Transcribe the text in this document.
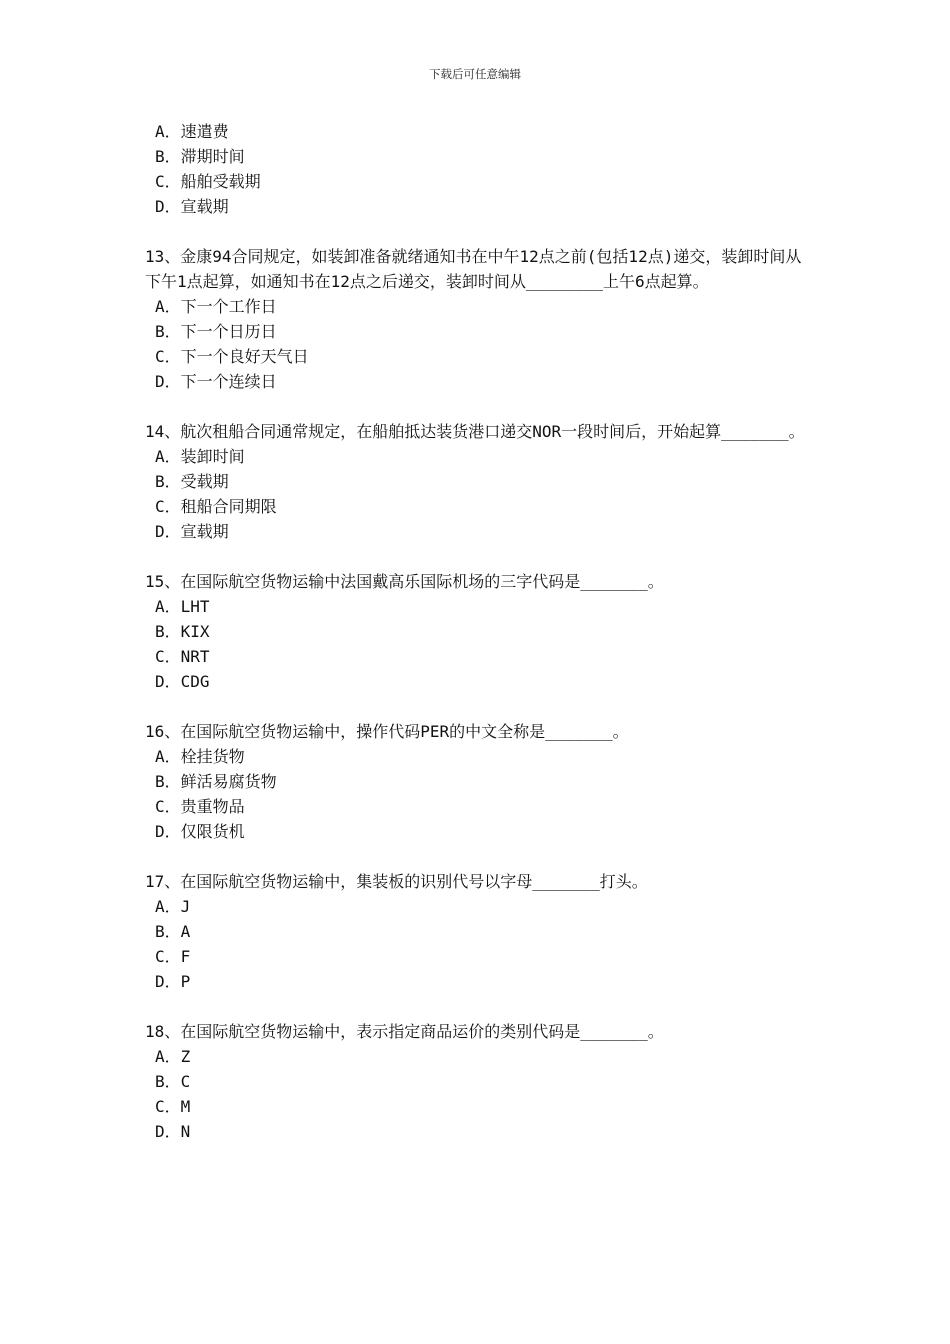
下载后可任意编辑
A．速遣费
B．滞期时间
C．船舶受载期
D．宣载期
13、金康94合同规定，如装卸准备就绪通知书在中午12点之前(包括12点)递交，装卸时间从下午1点起算，如通知书在12点之后递交，装卸时间从________上午6点起算。
A．下一个工作日
B．下一个日历日
C．下一个良好天气日
D．下一个连续日
14、航次租船合同通常规定，在船舶抵达装货港口递交NOR一段时间后，开始起算_______。
A．装卸时间
B．受载期
C．租船合同期限
D．宣载期
15、在国际航空货物运输中法国戴高乐国际机场的三字代码是_______。
A．LHT
B．KIX
C．NRT
D．CDG
16、在国际航空货物运输中，操作代码PER的中文全称是_______。
A．栓挂货物
B．鲜活易腐货物
C．贵重物品
D．仅限货机
17、在国际航空货物运输中，集装板的识别代号以字母_______打头。
A．J
B．A
C．F
D．P
18、在国际航空货物运输中，表示指定商品运价的类别代码是_______。
A．Z
B．C
C．M
D．N
